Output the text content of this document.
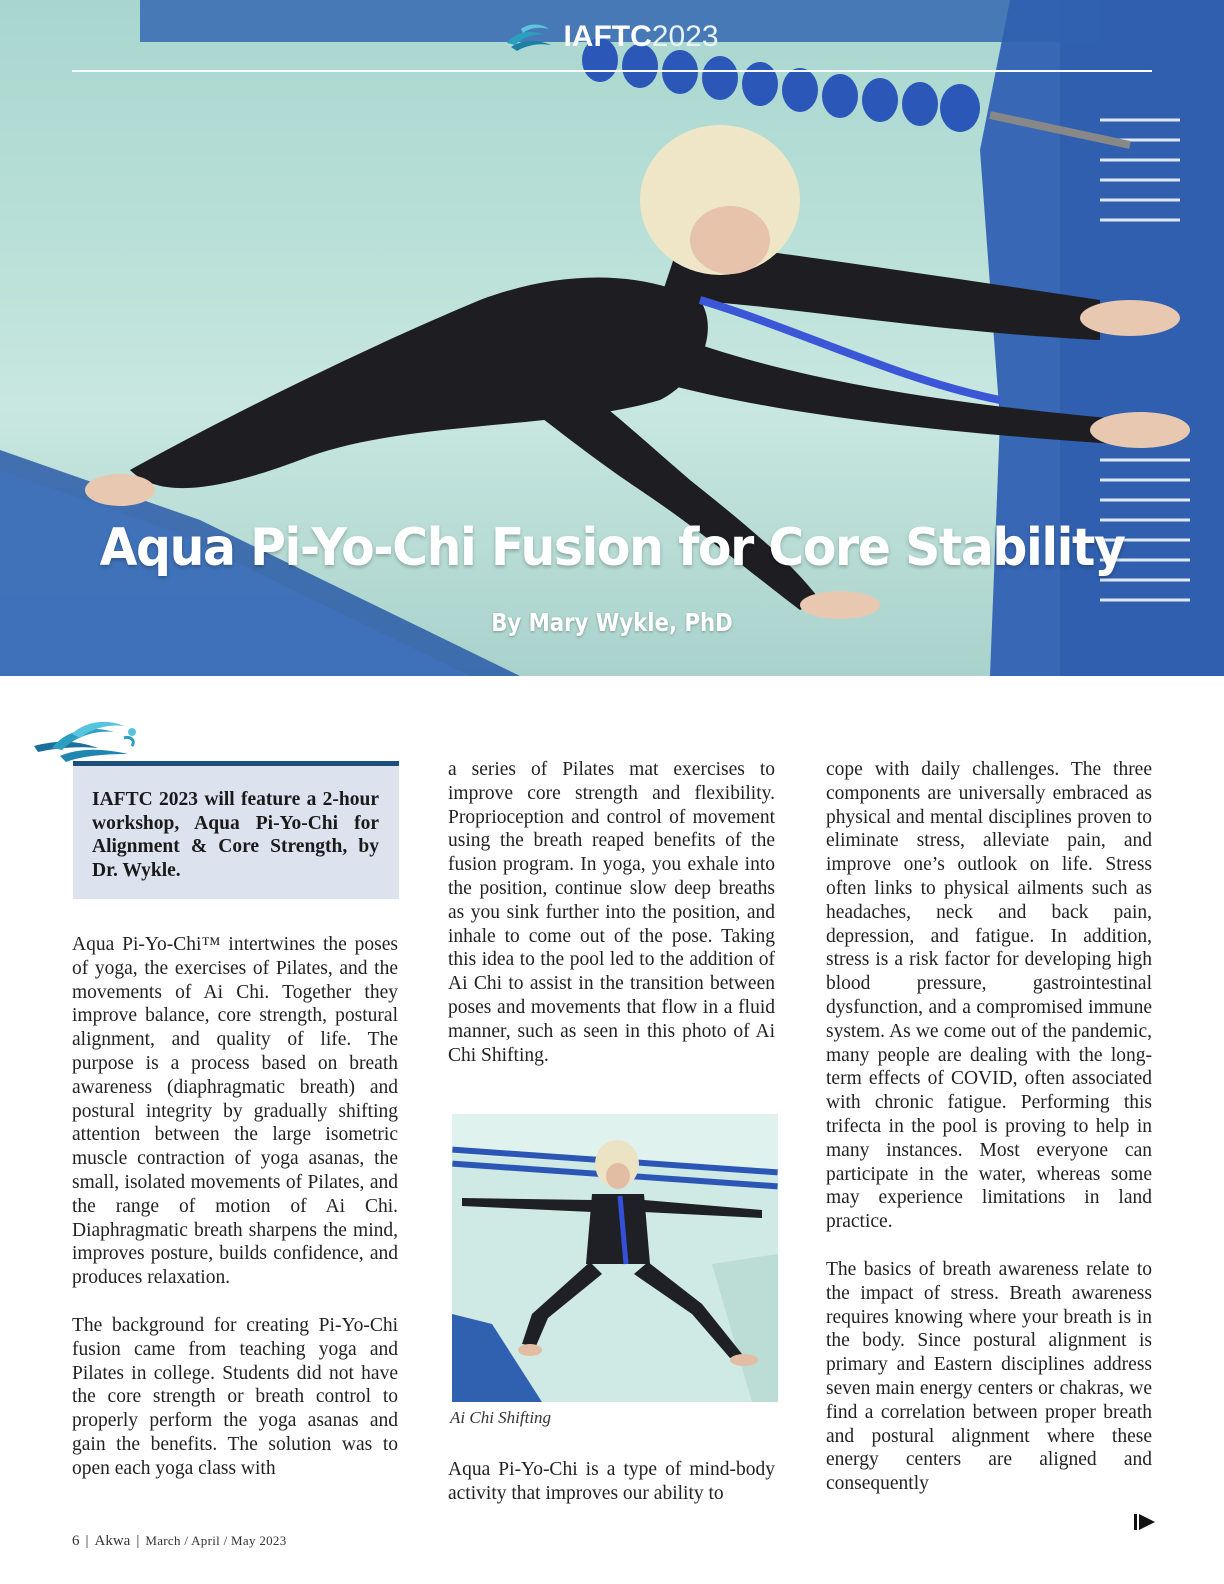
IAFTC2023
Aqua Pi-Yo-Chi Fusion for Core Stability
By Mary Wykle, PhD
IAFTC 2023 will feature a 2-hour workshop, Aqua Pi-Yo-Chi for Alignment & Core Strength, by Dr. Wykle.

Aqua Pi-Yo-Chi™ intertwines the poses of yoga, the exercises of Pilates, and the movements of Ai Chi. Together they improve balance, core strength, postural alignment, and quality of life. The purpose is a process based on breath awareness (diaphragmatic breath) and postural integrity by gradually shifting attention between the large isometric muscle contraction of yoga asanas, the small, isolated movements of Pilates, and the range of motion of Ai Chi. Diaphragmatic breath sharpens the mind, improves posture, builds confidence, and produces relaxation.

The background for creating Pi-Yo-Chi fusion came from teaching yoga and Pilates in college. Students did not have the core strength or breath control to properly perform the yoga asanas and gain the benefits. The solution was to open each yoga class with

a series of Pilates mat exercises to improve core strength and flexibility. Proprioception and control of movement using the breath reaped benefits of the fusion program. In yoga, you exhale into the position, continue slow deep breaths as you sink further into the position, and inhale to come out of the pose. Taking this idea to the pool led to the addition of Ai Chi to assist in the transition between poses and movements that flow in a fluid manner, such as seen in this photo of Ai Chi Shifting.

Ai Chi Shifting

Aqua Pi-Yo-Chi is a type of mind-body activity that improves our ability to

cope with daily challenges. The three components are universally embraced as physical and mental disciplines proven to eliminate stress, alleviate pain, and improve one’s outlook on life. Stress often links to physical ailments such as headaches, neck and back pain, depression, and fatigue. In addition, stress is a risk factor for developing high blood pressure, gastrointestinal dysfunction, and a compromised immune system. As we come out of the pandemic, many people are dealing with the long-term effects of COVID, often associated with chronic fatigue. Performing this trifecta in the pool is proving to help in many instances. Most everyone can participate in the water, whereas some may experience limitations in land practice.

The basics of breath awareness relate to the impact of stress. Breath awareness requires knowing where your breath is in the body. Since postural alignment is primary and Eastern disciplines address seven main energy centers or chakras, we find a correlation between proper breath and postural alignment where these energy centers are aligned and consequently

6 | Akwa | March / April / May 2023
